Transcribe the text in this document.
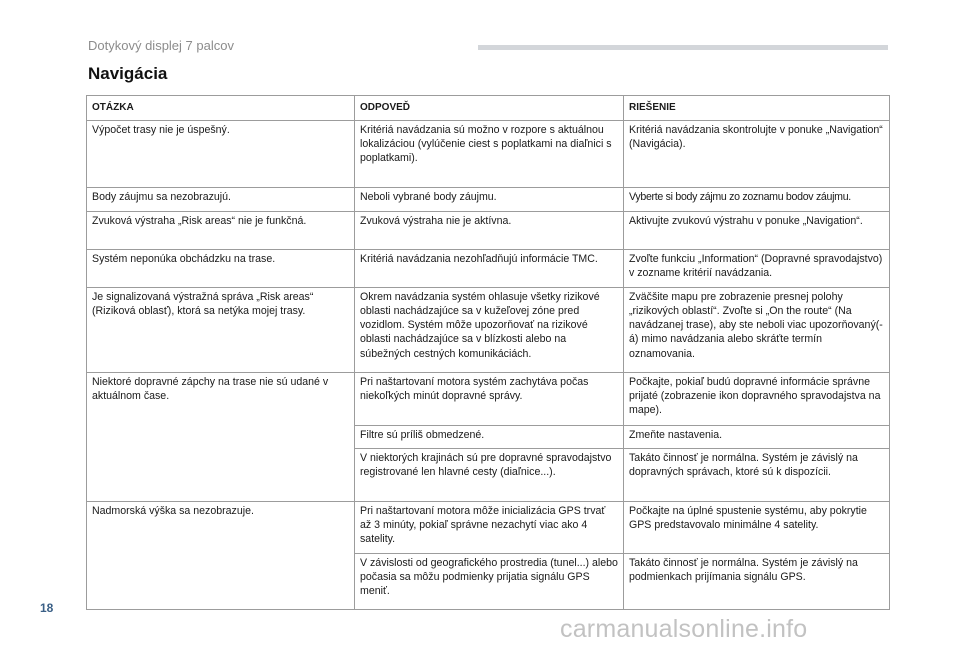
Dotykový displej 7 palcov

Navigácia
OTÁZKA	ODPOVEĎ	RIEŠENIE
Výpočet trasy nie je úspešný.	Kritériá navádzania sú možno v rozpore s aktuálnou lokalizáciou (vylúčenie ciest s poplatkami na diaľnici s poplatkami).	Kritériá navádzania skontrolujte v ponuke „Navigation“ (Navigácia).
Body záujmu sa nezobrazujú.	Neboli vybrané body záujmu.	Vyberte si body zájmu zo zoznamu bodov záujmu.
Zvuková výstraha „Risk areas“ nie je funkčná.	Zvuková výstraha nie je aktívna.	Aktivujte zvukovú výstrahu v ponuke „Navigation“.
Systém neponúka obchádzku na trase.	Kritériá navádzania nezohľadňujú informácie TMC.	Zvoľte funkciu „Information“ (Dopravné spravodajstvo) v zozname kritérií navádzania.
Je signalizovaná výstražná správa „Risk areas“ (Riziková oblasť), ktorá sa netýka mojej trasy.	Okrem navádzania systém ohlasuje všetky rizikové oblasti nachádzajúce sa v kužeľovej zóne pred vozidlom. Systém môže upozorňovať na rizikové oblasti nachádzajúce sa v blízkosti alebo na súbežných cestných komunikáciách.	Zväčšite mapu pre zobrazenie presnej polohy „rizikových oblastí“. Zvoľte si „On the route“ (Na navádzanej trase), aby ste neboli viac upozorňovaný(-á) mimo navádzania alebo skráťte termín oznamovania.
Niektoré dopravné zápchy na trase nie sú udané v aktuálnom čase.	Pri naštartovaní motora systém zachytáva počas niekoľkých minút dopravné správy.	Počkajte, pokiaľ budú dopravné informácie správne prijaté (zobrazenie ikon dopravného spravodajstva na mape).
	Filtre sú príliš obmedzené.	Zmeňte nastavenia.
	V niektorých krajinách sú pre dopravné spravodajstvo registrované len hlavné cesty (diaľnice...).	Takáto činnosť je normálna. Systém je závislý na dopravných správach, ktoré sú k dispozícii.
Nadmorská výška sa nezobrazuje.	Pri naštartovaní motora môže inicializácia GPS trvať až 3 minúty, pokiaľ správne nezachytí viac ako 4 satelity.	Počkajte na úplné spustenie systému, aby pokrytie GPS predstavovalo minimálne 4 satelity.
	V závislosti od geografického prostredia (tunel...) alebo počasia sa môžu podmienky prijatia signálu GPS meniť.	Takáto činnosť je normálna. Systém je závislý na podmienkach prijímania signálu GPS.

18

carmanualsonline.info
